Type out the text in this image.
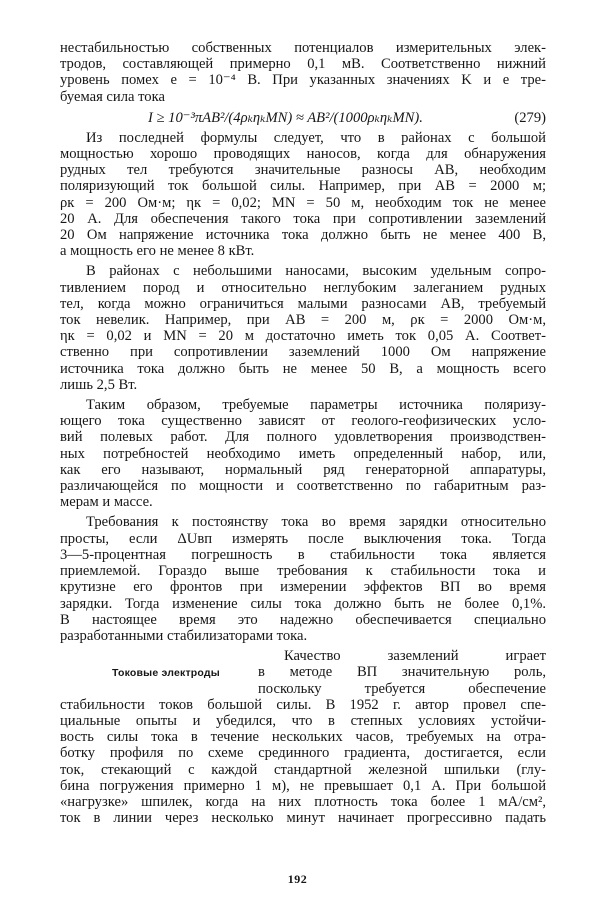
нестабильностью собственных потенциалов измерительных элек-
тродов, составляющей примерно 0,1 мВ. Соответственно нижний
уровень помех e = 10⁻⁴ В. При указанных значениях K и e тре-
буемая сила тока
I ≥ 10⁻³πAB²/(4ρₖηₖMN) ≈ AB²/(1000ρₖηₖMN).	(279)
Из последней формулы следует, что в районах с большой
мощностью хорошо проводящих наносов, когда для обнаружения
рудных тел требуются значительные разносы AB, необходим
поляризующий ток большой силы. Например, при AB = 2000 м;
ρк = 200 Ом·м; ηк = 0,02; MN = 50 м, необходим ток не менее
20 А. Для обеспечения такого тока при сопротивлении заземлений
20 Ом напряжение источника тока должно быть не менее 400 В,
а мощность его не менее 8 кВт.
В районах с небольшими наносами, высоким удельным сопро-
тивлением пород и относительно неглубоким залеганием рудных
тел, когда можно ограничиться малыми разносами AB, требуемый
ток невелик. Например, при AB = 200 м, ρк = 2000 Ом·м,
ηк = 0,02 и MN = 20 м достаточно иметь ток 0,05 А. Соответ-
ственно при сопротивлении заземлений 1000 Ом напряжение
источника тока должно быть не менее 50 В, а мощность всего
лишь 2,5 Вт.
Таким образом, требуемые параметры источника поляризу-
ющего тока существенно зависят от геолого-геофизических усло-
вий полевых работ. Для полного удовлетворения производствен-
ных потребностей необходимо иметь определенный набор, или,
как его называют, нормальный ряд генераторной аппаратуры,
различающейся по мощности и соответственно по габаритным раз-
мерам и массе.
Требования к постоянству тока во время зарядки относительно
просты, если ΔUвп измерять после выключения тока. Тогда
3—5-процентная погрешность в стабильности тока является
приемлемой. Гораздо выше требования к стабильности тока и
крутизне его фронтов при измерении эффектов ВП во время
зарядки. Тогда изменение силы тока должно быть не более 0,1%.
В настоящее время это надежно обеспечивается специально
разработанными стабилизаторами тока.
Токовые электроды
Качество заземлений играет
в методе ВП значительную роль,
поскольку требуется обеспечение
стабильности токов большой силы. В 1952 г. автор провел спе-
циальные опыты и убедился, что в степных условиях устойчи-
вость силы тока в течение нескольких часов, требуемых на отра-
ботку профиля по схеме срединного градиента, достигается, если
ток, стекающий с каждой стандартной железной шпильки (глу-
бина погружения примерно 1 м), не превышает 0,1 А. При большой
«нагрузке» шпилек, когда на них плотность тока более 1 мА/см²,
ток в линии через несколько минут начинает прогрессивно падать
192
